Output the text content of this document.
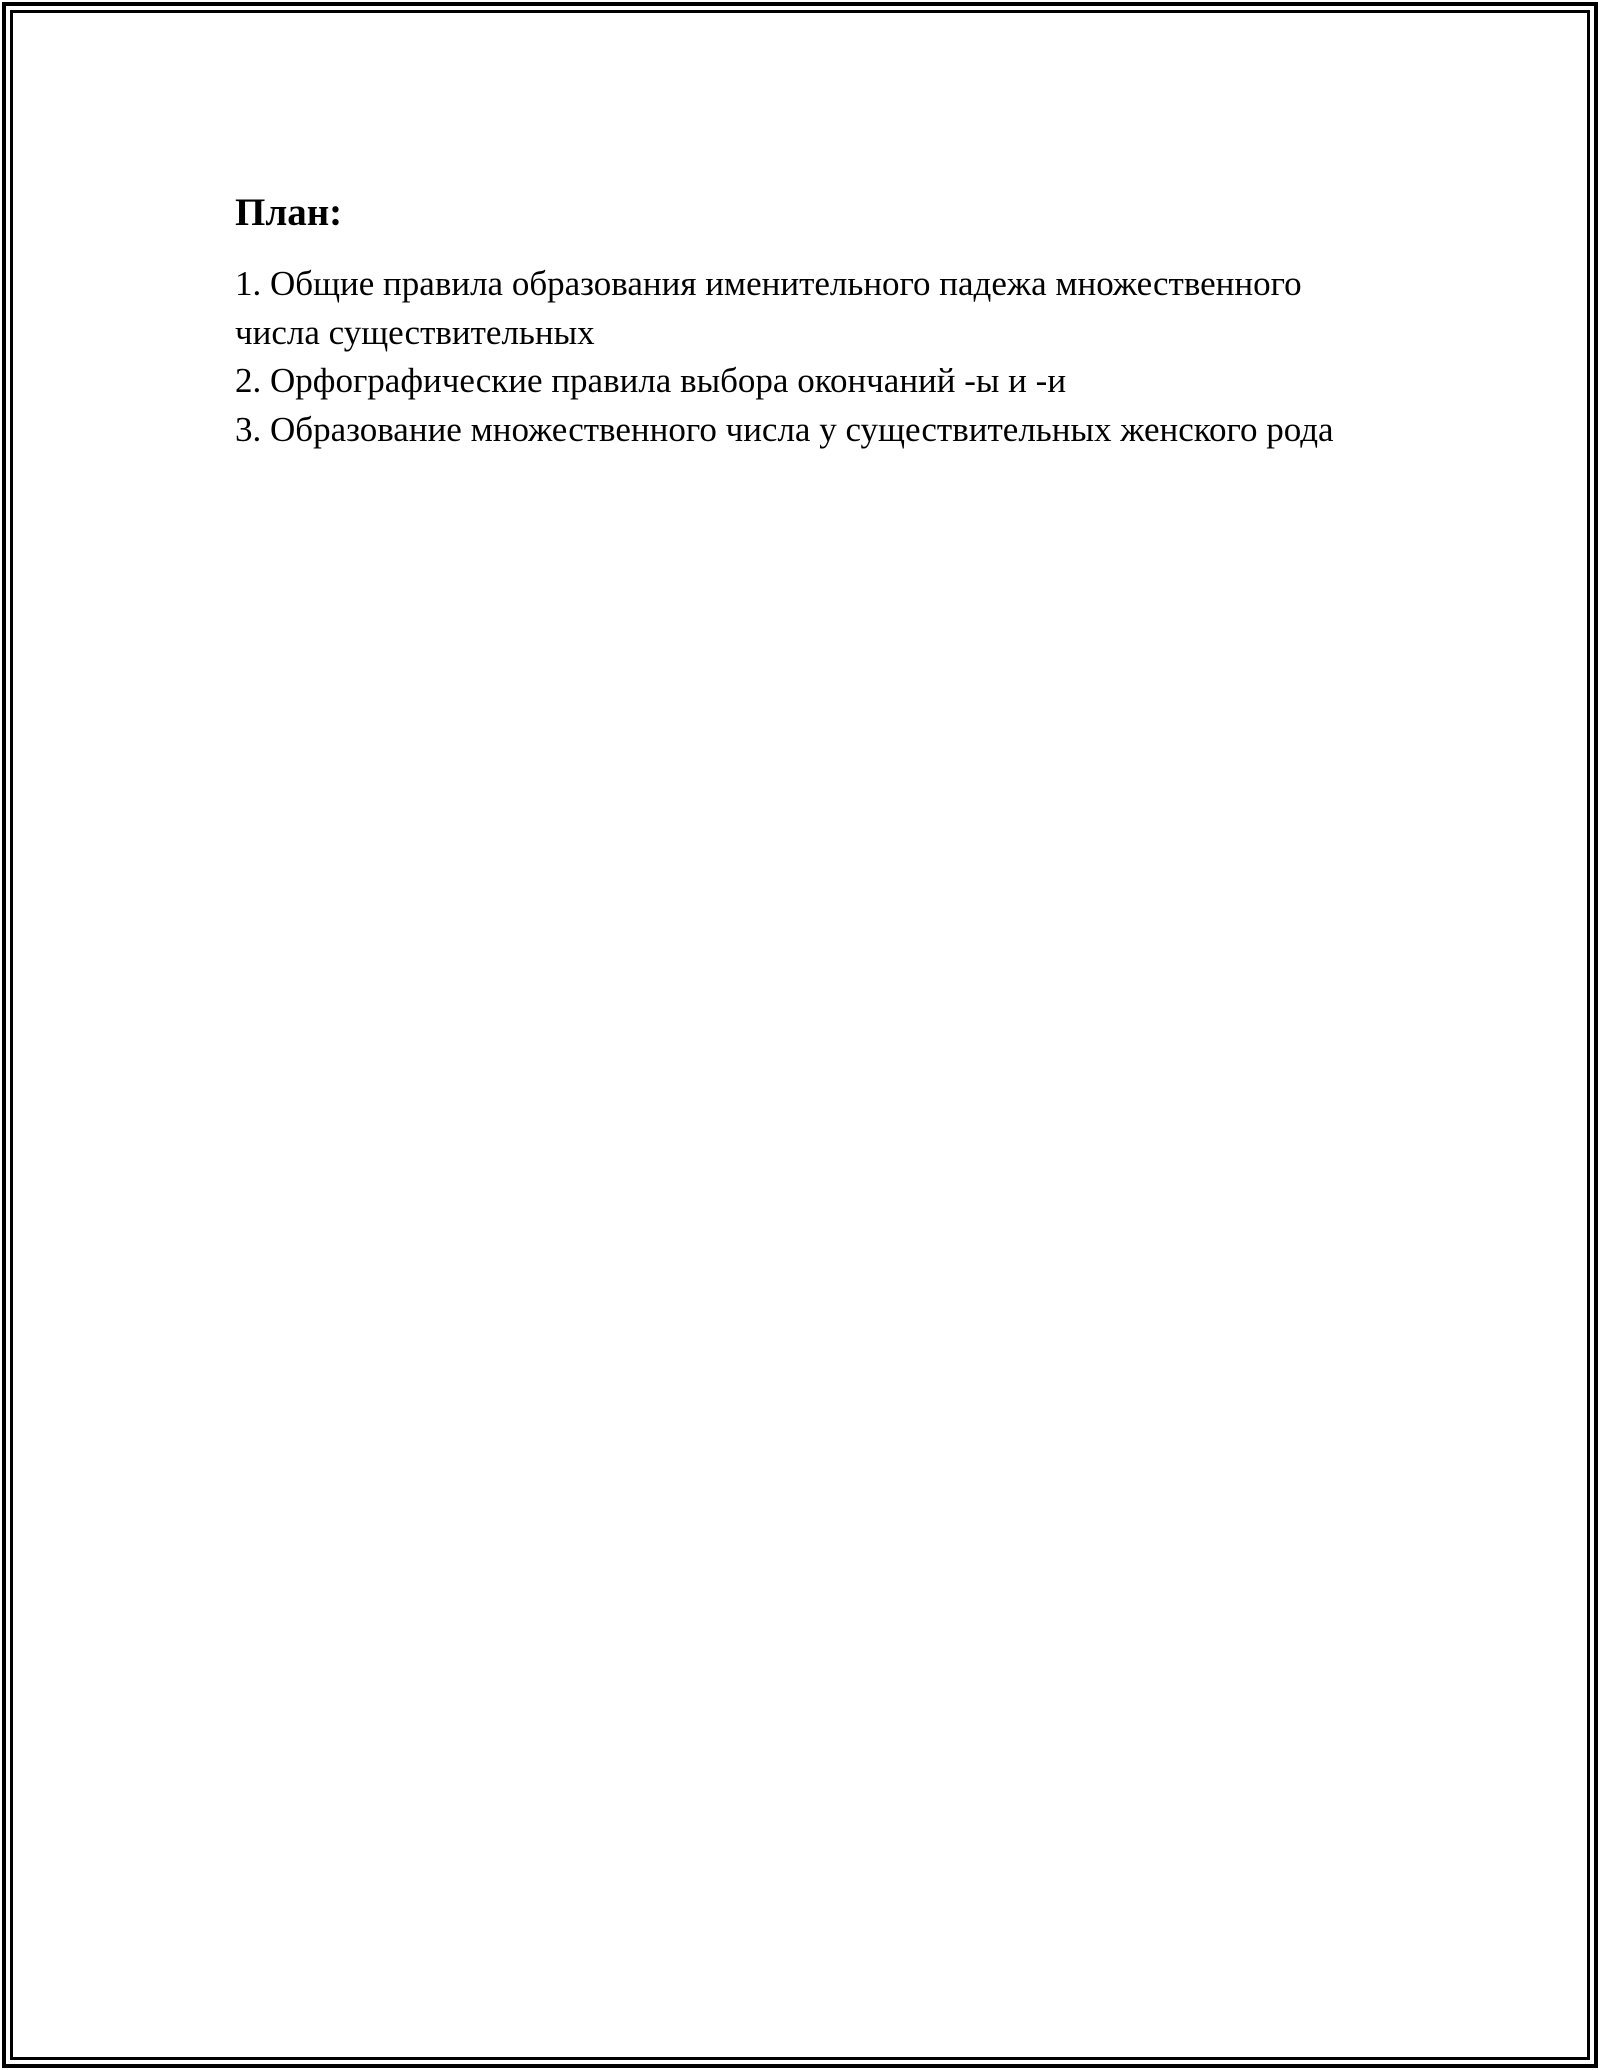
План:
1. Общие правила образования именительного падежа множественного числа существительных
2. Орфографические правила выбора окончаний -ы и -и
3. Образование множественного числа у существительных женского рода
